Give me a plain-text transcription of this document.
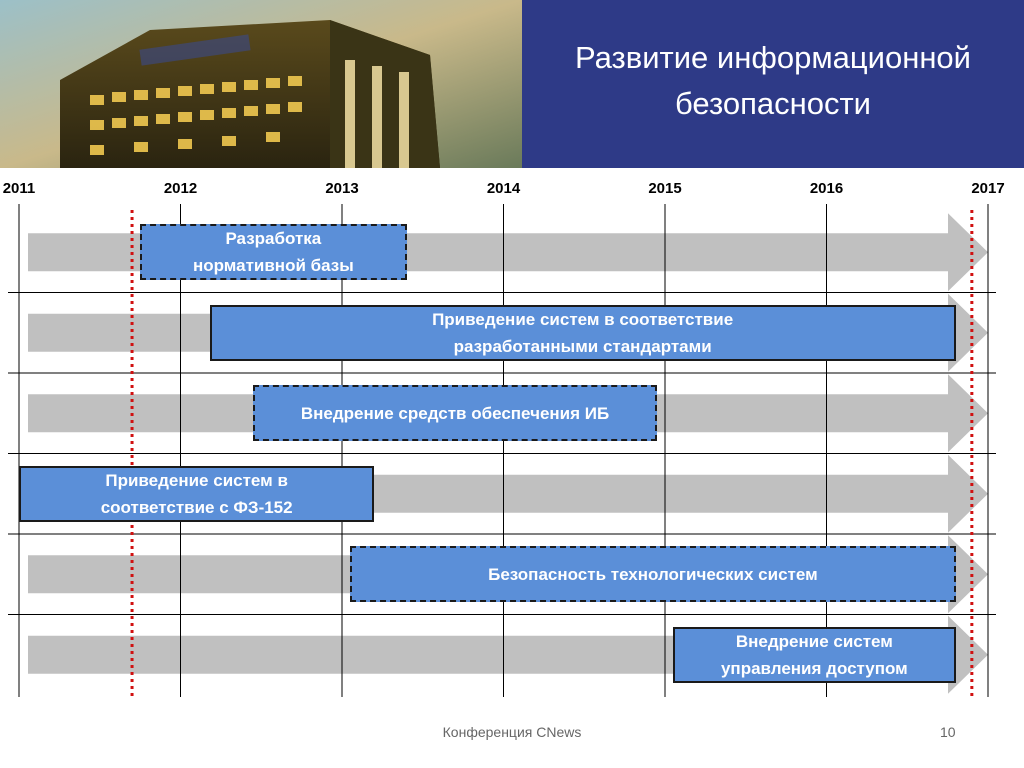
Развитие информационной
безопасности
2011	2012	2013	2014	2015	2016	2017
Разработка
нормативной базы
Приведение систем в соответствие
разработанными стандартами
Внедрение средств обеспечения ИБ
Приведение систем в
соответствие с ФЗ-152
Безопасность технологических систем
Внедрение систем
управления доступом
Конференция CNews	10
